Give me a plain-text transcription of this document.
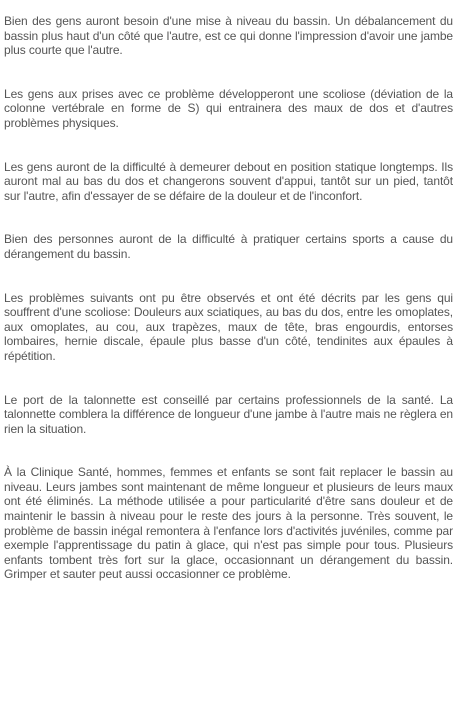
Bien des gens auront besoin d'une mise à niveau du bassin. Un débalancement du bassin plus haut d'un côté que l'autre, est ce qui donne l'impression d'avoir une jambe plus courte que l'autre.

Les gens aux prises avec ce problème développeront une scoliose (déviation de la colonne vertébrale en forme de S) qui entrainera des maux de dos et d'autres problèmes physiques.

Les gens auront de la difficulté à demeurer debout en position statique longtemps. Ils auront mal au bas du dos et changerons souvent d'appui, tantôt sur un pied, tantôt sur l'autre, afin d'essayer de se défaire de la douleur et de l'inconfort.

Bien des personnes auront de la difficulté à pratiquer certains sports a cause du dérangement du bassin.

Les problèmes suivants ont pu être observés et ont été décrits par les gens qui souffrent d'une scoliose: Douleurs aux sciatiques, au bas du dos, entre les omoplates, aux omoplates, au cou, aux trapèzes, maux de tête, bras engourdis, entorses lombaires, hernie discale, épaule plus basse d'un côté, tendinites aux épaules à répétition.

Le port de la talonnette est conseillé par certains professionnels de la santé. La talonnette comblera la différence de longueur d'une jambe à l'autre mais ne règlera en rien la situation.

À la Clinique Santé, hommes, femmes et enfants se sont fait replacer le bassin au niveau. Leurs jambes sont maintenant de même longueur et plusieurs de leurs maux ont été éliminés. La méthode utilisée a pour particularité d'être sans douleur et de maintenir le bassin à niveau pour le reste des jours à la personne. Très souvent, le problème de bassin inégal remontera à l'enfance lors d'activités juvéniles, comme par exemple l'apprentissage du patin à glace, qui n'est pas simple pour tous. Plusieurs enfants tombent très fort sur la glace, occasionnant un dérangement du bassin. Grimper et sauter peut aussi occasionner ce problème.
